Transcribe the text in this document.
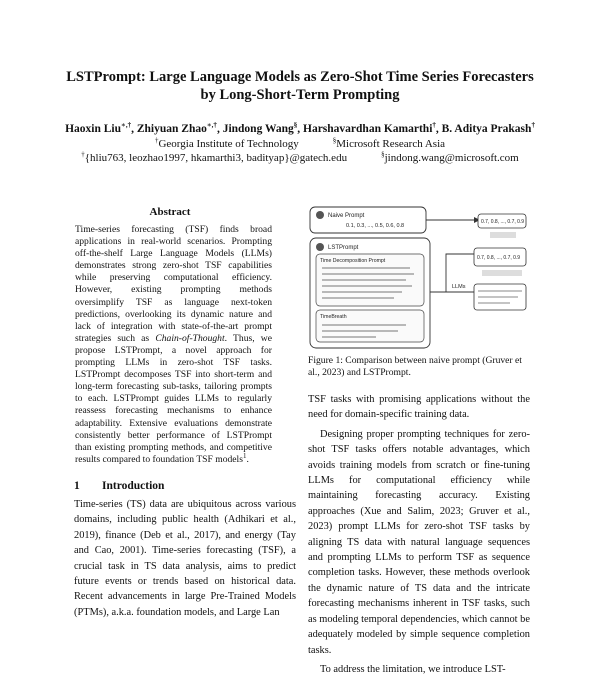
LSTPrompt: Large Language Models as Zero-Shot Time Series Forecasters
by Long-Short-Term Prompting
Haoxin Liu∗,†, Zhiyuan Zhao∗,†, Jindong Wang§, Harshavardhan Kamarthi†, B. Aditya Prakash†
†Georgia Institute of Technology	§Microsoft Research Asia
†{hliu763, leozhao1997, hkamarthi3, badityap}@gatech.edu	§jindong.wang@microsoft.com
Abstract

Time-series forecasting (TSF) finds broad applications in real-world scenarios. Prompting off-the-shelf Large Language Models (LLMs) demonstrates strong zero-shot TSF capabilities while preserving computational efficiency. However, existing prompting methods oversimplify TSF as language next-token predictions, overlooking its dynamic nature and lack of integration with state-of-the-art prompt strategies such as Chain-of-Thought. Thus, we propose LSTPrompt, a novel approach for prompting LLMs in zero-shot TSF tasks. LSTPrompt decomposes TSF into short-term and long-term forecasting sub-tasks, tailoring prompts to each. LSTPrompt guides LLMs to regularly reassess forecasting mechanisms to enhance adaptability. Extensive evaluations demonstrate consistently better performance of LSTPrompt than existing prompting methods, and competitive results compared to foundation TSF models$^1$.

1 Introduction

Time-series (TS) data are ubiquitous across various domains, including public health (Adhikari et al., 2019), finance (Deb et al., 2017), and energy (Tay and Cao, 2001). Time-series forecasting (TSF), a crucial task in TS data analysis, aims to predict future events or trends based on historical data. Recent advancements in large Pre-Trained Models (PTMs), a.k.a. foundation models, and Large Lan

Naive Prompt
0.1, 0.3, ..., 0.5, 0.6, 0.8
0.7, 0.8, ..., 0.7, 0.9
LSTPrompt
Time Decomposition Prompt
TimeBreath
LLMs
0.7, 0.8, ..., 0.7, 0.9
Figure 1: Comparison between naive prompt (Gruver et al., 2023) and LSTPrompt.

TSF tasks with promising applications without the need for domain-specific training data.

Designing proper prompting techniques for zero-shot TSF tasks offers notable advantages, which avoids training models from scratch or fine-tuning LLMs for computational efficiency while maintaining forecasting accuracy. Existing approaches (Xue and Salim, 2023; Gruver et al., 2023) prompt LLMs for zero-shot TSF tasks by aligning TS data with natural language sequences and prompting LLMs to perform TSF as sequence completion tasks. However, these methods overlook the dynamic nature of TS data and the intricate forecasting mechanisms inherent in TSF tasks, such as modeling temporal dependencies, which cannot be adequately modeled by simple sequence completion tasks.

To address the limitation, we introduce LST-
